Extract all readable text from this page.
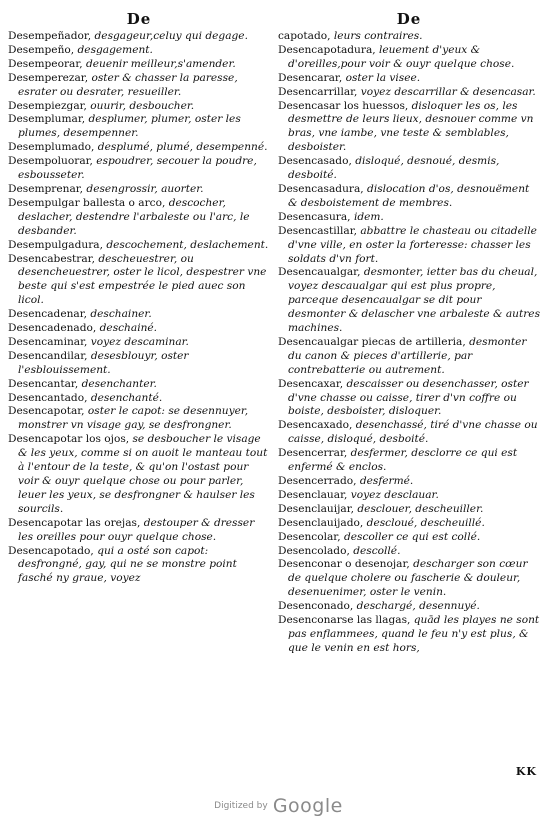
De

Desempeñador, desgageur,celuy qui degage.

Desempeño, desgagement.

Desempeorar, deuenir meilleur,s'amender.

Desemperezar, oster & chasser la paresse, esrater ou desrater, resueiller.

Desempiezgar, ouurir, desboucher.

Desemplumar, desplumer, plumer, oster les plumes, desempenner.

Desemplumado, desplumé, plumé, desempenné.

Desempoluorar, espoudrer, secouer la poudre, esbousseter.

Desemprenar, desengrossir, auorter.

Desempulgar ballesta o arco, descocher, deslacher, destendre l'arbaleste ou l'arc, le desbander.

Desempulgadura, descochement, deslachement.

Desencabestrar, descheuestrer, ou desencheuestrer, oster le licol, despestrer vne beste qui s'est empestrée le pied auec son licol.

Desencadenar, deschainer.

Desencadenado, deschainé.

Desencaminar, voyez descaminar.

Desencandilar, desesblouyr, oster l'esblouissement.

Desencantar, desenchanter.

Desencantado, desenchanté.

Desencapotar, oster le capot: se desennuyer, monstrer vn visage gay, se desfrongner.

Desencapotar los ojos, se desboucher le visage & les yeux, comme si on auoit le manteau tout à l'entour de la teste, & qu'on l'ostast pour voir & ouyr quelque chose ou pour parler, leuer les yeux, se desfrongner & haulser les sourcils.

Desencapotar las orejas, destouper & dresser les oreilles pour ouyr quelque chose.

Desencapotado, qui a osté son capot: desfrongné, gay, qui ne se monstre point fasché ny graue, voyez

De

capotado, leurs contraires.

Desencapotadura, leuement d'yeux & d'oreilles,pour voir & ouyr quelque chose.

Desencarar, oster la visee.

Desencarrillar, voyez descarrillar & desencasar.

Desencasar los huessos, disloquer les os, les desmettre de leurs lieux, desnouer comme vn bras, vne iambe, vne teste & semblables, desboister.

Desencasado, disloqué, desnoué, desmis, desboité.

Desencasadura, dislocation d'os, desnouëment & desboistement de membres.

Desencasura, idem.

Desencastillar, abbattre le chasteau ou citadelle d'vne ville, en oster la forteresse: chasser les soldats d'vn fort.

Desencaualgar, desmonter, ietter bas du cheual, voyez descaualgar qui est plus propre, parceque desencaualgar se dit pour desmonter & delascher vne arbaleste & autres machines.

Desencaualgar piecas de artilleria, desmonter du canon & pieces d'artillerie, par contrebatterie ou autrement.

Desencaxar, descaisser ou desenchasser, oster d'vne chasse ou caisse, tirer d'vn coffre ou boiste, desboister, disloquer.

Desencaxado, desenchassé, tiré d'vne chasse ou caisse, disloqué, desboité.

Desencerrar, desfermer, desclorre ce qui est enfermé & enclos.

Desencerrado, desfermé.

Desenclauar, voyez desclauar.

Desenclauijar, desclouer, descheuiller.

Desenclauijado, descloué, descheuillé.

Desencolar, descoller ce qui est collé.

Desencolado, descollé.

Desenconar o desenojar, descharger son cœur de quelque cholere ou fascherie & douleur, desenuenimer, oster le venin.

Desenconado, deschargé, desennuyé.

Desenconarse las llagas, quād les playes ne sont pas enflammees, quand le feu n'y est plus, & que le venin en est hors,

KK
Digitized by Google
